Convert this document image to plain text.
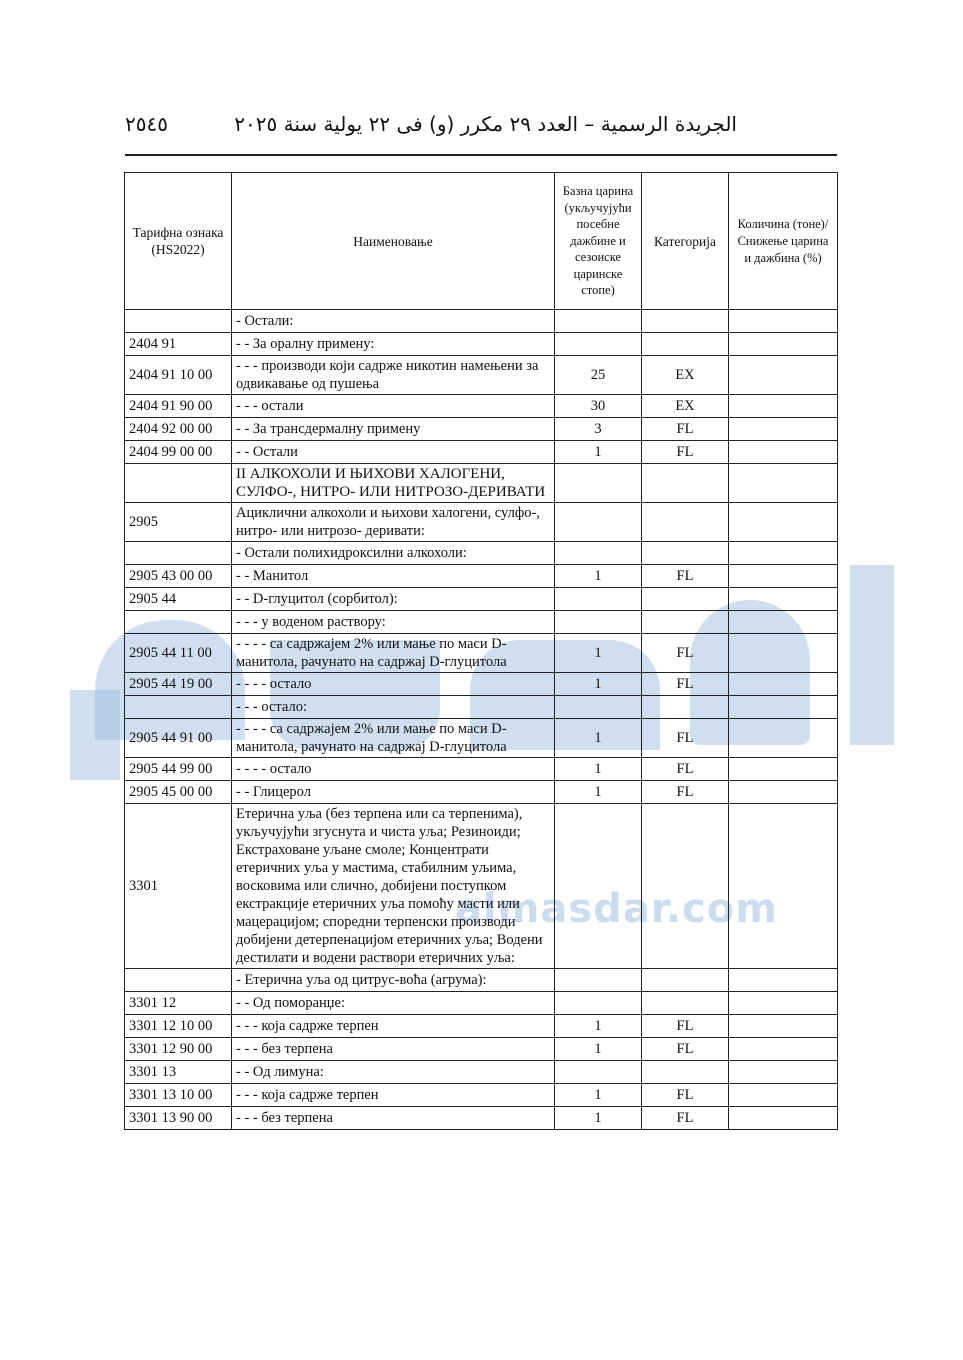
almasdar.com
الجريدة الرسمية – العدد ٢٩ مكرر (و) فى ٢٢ يولية سنة ٢٠٢٥
٢٥٤٥
Тарифна ознака (HS2022)	Наименовање	Базна царина (укључујући посебне дажбине и сезоиске царинске стопе)	Категорија	Количина (тоне)/ Снижење царина и дажбина (%)
	- Остали:			
2404 91	- - За оралну примену:			
2404 91 10 00	- - - производи који садрже никотин намењени за одвикавање од пушења	25	EX	
2404 91 90 00	- - - остали	30	EX	
2404 92 00 00	- - За трансдермалну примену	3	FL	
2404 99 00 00	- - Остали	1	FL	
	II АЛКОХОЛИ И ЊИХОВИ ХАЛОГЕНИ, СУЛФО-, НИТРО- ИЛИ НИТРОЗО-ДЕРИВАТИ			
2905	Ациклични алкохоли и њихови халогени, сулфо-, нитро- или нитрозо- деривати:			
	- Остали полихидроксилни алкохоли:			
2905 43 00 00	- - Манитол	1	FL	
2905 44	- - D-глуцитол (сорбитол):			
	- - - у воденом раствору:			
2905 44 11 00	- - - - са садржајем 2% или мање по маси D-манитола, рачунато на садржај D-глуцитола	1	FL	
2905 44 19 00	- - - - остало	1	FL	
	- - - остало:			
2905 44 91 00	- - - - са садржајем 2% или мање по маси D-манитола, рачунато на садржај D-глуцитола	1	FL	
2905 44 99 00	- - - - остало	1	FL	
2905 45 00 00	- - Глицерол	1	FL	
3301	Етерична уља (без терпена или са терпенима), укључујући згуснута и чиста уља; Резиноиди; Екстраховане уљане смоле; Концентрати етеричних уља у мастима, стабилним уљима, восковима или слично, добијени поступком екстракције етеричних уља помоћу масти или мацерацијом; споредни терпенски производи добијени детерпенацијом етеричних уља; Водени дестилати и водени раствори етеричних уља:			
	- Етерична уља од цитрус-воћа (агрума):			
3301 12	- - Од поморанџе:			
3301 12 10 00	- - - која садрже терпен	1	FL	
3301 12 90 00	- - - без терпена	1	FL	
3301 13	- - Од лимуна:			
3301 13 10 00	- - - која садрже терпен	1	FL	
3301 13 90 00	- - - без терпена	1	FL	
